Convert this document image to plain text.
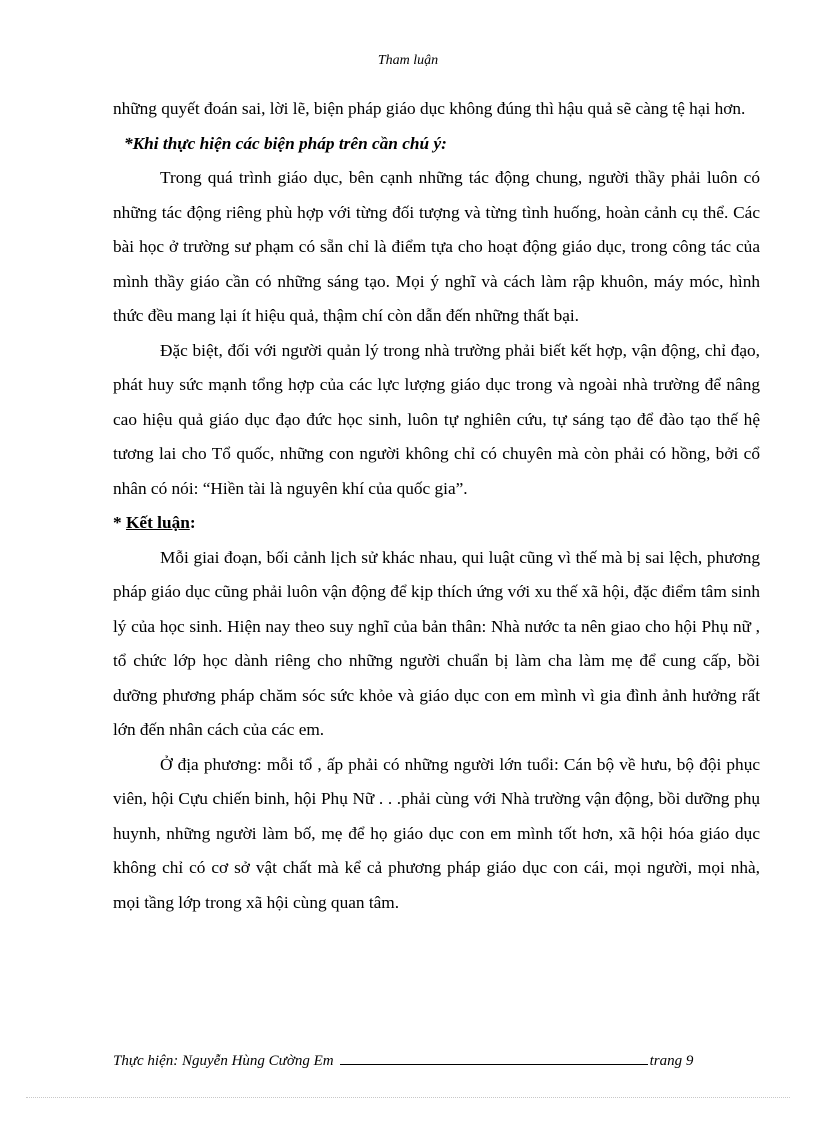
Tham luận

những quyết đoán sai, lời lẽ, biện pháp giáo dục không đúng thì hậu quả sẽ càng tệ hại hơn.

*Khi thực hiện các biện pháp trên cần chú ý:

Trong quá trình giáo dục, bên cạnh những tác động chung, người thầy phải luôn có những tác động riêng phù hợp với từng đối tượng và từng tình huống, hoàn cảnh cụ thể. Các bài học ở trường sư phạm có sẵn chỉ là điểm tựa cho hoạt động giáo dục, trong công tác của mình thầy giáo cần có những sáng tạo. Mọi ý nghĩ và cách làm rập khuôn, máy móc, hình thức đều mang lại ít hiệu quả, thậm chí còn dẫn đến những thất bại.

Đặc biệt, đối với người quản lý trong nhà trường phải biết kết hợp, vận động, chỉ đạo, phát huy sức mạnh tổng hợp của các lực lượng giáo dục trong và ngoài nhà trường để nâng cao hiệu quả giáo dục đạo đức học sinh, luôn tự nghiên cứu, tự sáng tạo để đào tạo thế hệ tương lai cho Tổ quốc, những con người không chỉ có chuyên mà còn phải có hồng, bởi cổ nhân có nói: “Hiền tài là nguyên khí của quốc gia”.

* Kết luận:

Mỗi giai đoạn, bối cảnh lịch sử khác nhau, qui luật cũng vì thế mà bị sai lệch, phương pháp giáo dục cũng phải luôn vận động để kịp thích ứng với xu thế xã hội, đặc điểm tâm sinh lý của học sinh. Hiện nay theo suy nghĩ của bản thân: Nhà nước ta nên giao cho hội Phụ nữ , tổ chức lớp học dành riêng cho những người chuẩn bị làm cha làm mẹ để cung cấp, bồi dưỡng phương pháp chăm sóc sức khỏe và giáo dục con em mình vì gia đình ảnh hưởng rất lớn đến nhân cách của các em.

Ở địa phương: mỗi tổ , ấp phải có những người lớn tuổi: Cán bộ về hưu, bộ đội phục viên, hội Cựu chiến binh, hội Phụ Nữ . . .phải cùng với Nhà trường vận động, bồi dưỡng phụ huynh, những người làm bố, mẹ để họ giáo dục con em mình tốt hơn, xã hội hóa giáo dục không chỉ có cơ sở vật chất mà kể cả phương pháp giáo dục con cái, mọi người, mọi nhà, mọi tầng lớp trong xã hội cùng quan tâm.

Thực hiện: Nguyễn Hùng Cường Em	trang 9
